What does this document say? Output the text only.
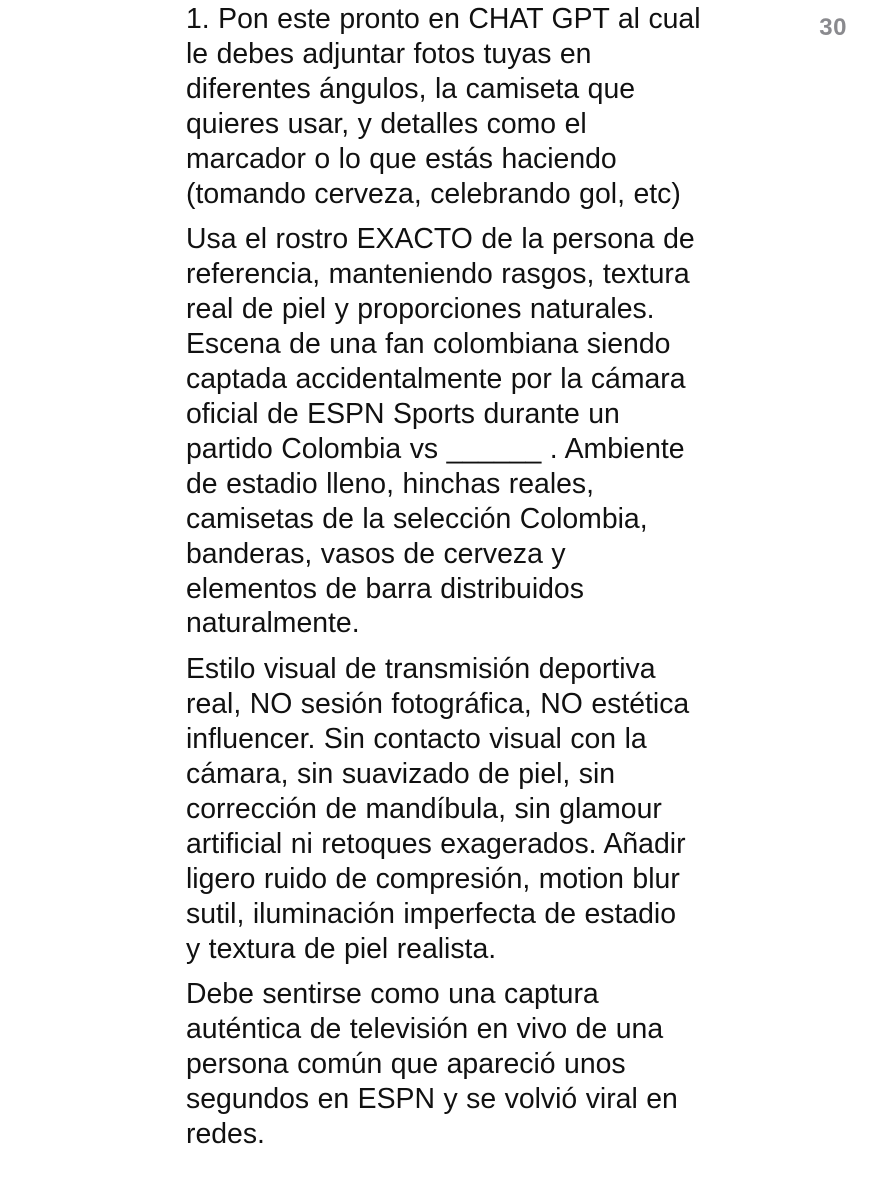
1. Pon este pronto en CHAT GPT al cual
le debes adjuntar fotos tuyas en
diferentes ángulos, la camiseta que
quieres usar, y detalles como el
marcador o lo que estás haciendo
(tomando cerveza, celebrando gol, etc)

Usa el rostro EXACTO de la persona de
referencia, manteniendo rasgos, textura
real de piel y proporciones naturales.
Escena de una fan colombiana siendo
captada accidentalmente por la cámara
oficial de ESPN Sports durante un
partido Colombia vs ______ . Ambiente
de estadio lleno, hinchas reales,
camisetas de la selección Colombia,
banderas, vasos de cerveza y
elementos de barra distribuidos
naturalmente.

Estilo visual de transmisión deportiva
real, NO sesión fotográfica, NO estética
influencer. Sin contacto visual con la
cámara, sin suavizado de piel, sin
corrección de mandíbula, sin glamour
artificial ni retoques exagerados. Añadir
ligero ruido de compresión, motion blur
sutil, iluminación imperfecta de estadio
y textura de piel realista.

Debe sentirse como una captura
auténtica de televisión en vivo de una
persona común que apareció unos
segundos en ESPN y se volvió viral en
redes.

30
